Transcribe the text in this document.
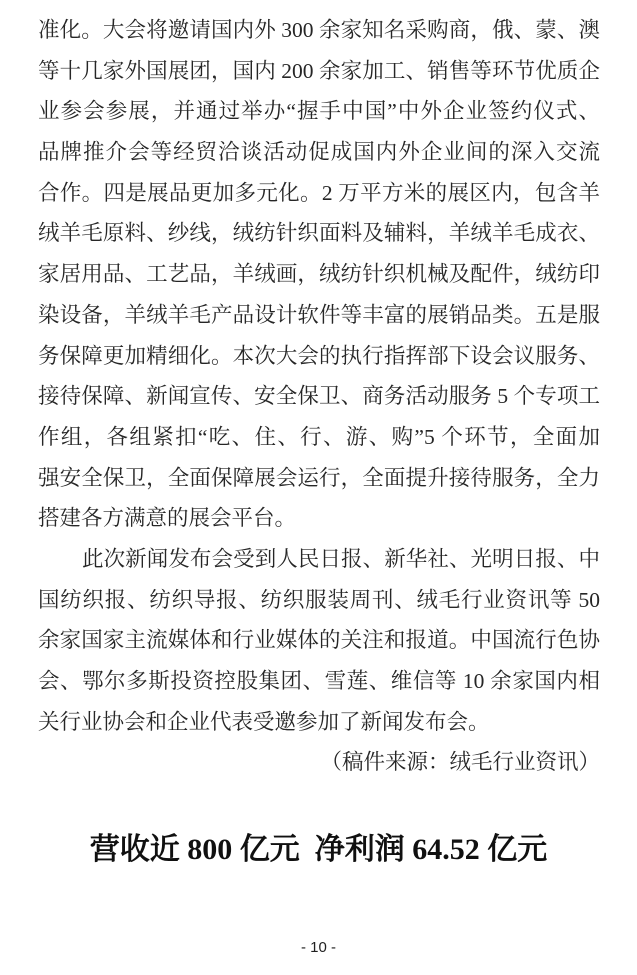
准化。大会将邀请国内外 300 余家知名采购商，俄、蒙、澳
等十几家外国展团，国内 200 余家加工、销售等环节优质企
业参会参展，并通过举办“握手中国”中外企业签约仪式、
品牌推介会等经贸洽谈活动促成国内外企业间的深入交流
合作。四是展品更加多元化。2 万平方米的展区内，包含羊
绒羊毛原料、纱线，绒纺针织面料及辅料，羊绒羊毛成衣、
家居用品、工艺品，羊绒画，绒纺针织机械及配件，绒纺印
染设备，羊绒羊毛产品设计软件等丰富的展销品类。五是服
务保障更加精细化。本次大会的执行指挥部下设会议服务、
接待保障、新闻宣传、安全保卫、商务活动服务 5 个专项工
作组，各组紧扣“吃、住、行、游、购”5 个环节，全面加
强安全保卫，全面保障展会运行，全面提升接待服务，全力
搭建各方满意的展会平台。
此次新闻发布会受到人民日报、新华社、光明日报、中
国纺织报、纺织导报、纺织服装周刊、绒毛行业资讯等 50
余家国家主流媒体和行业媒体的关注和报道。中国流行色协
会、鄂尔多斯投资控股集团、雪莲、维信等 10 余家国内相
关行业协会和企业代表受邀参加了新闻发布会。
（稿件来源：绒毛行业资讯）
营收近 800 亿元  净利润 64.52 亿元
- 10 -
